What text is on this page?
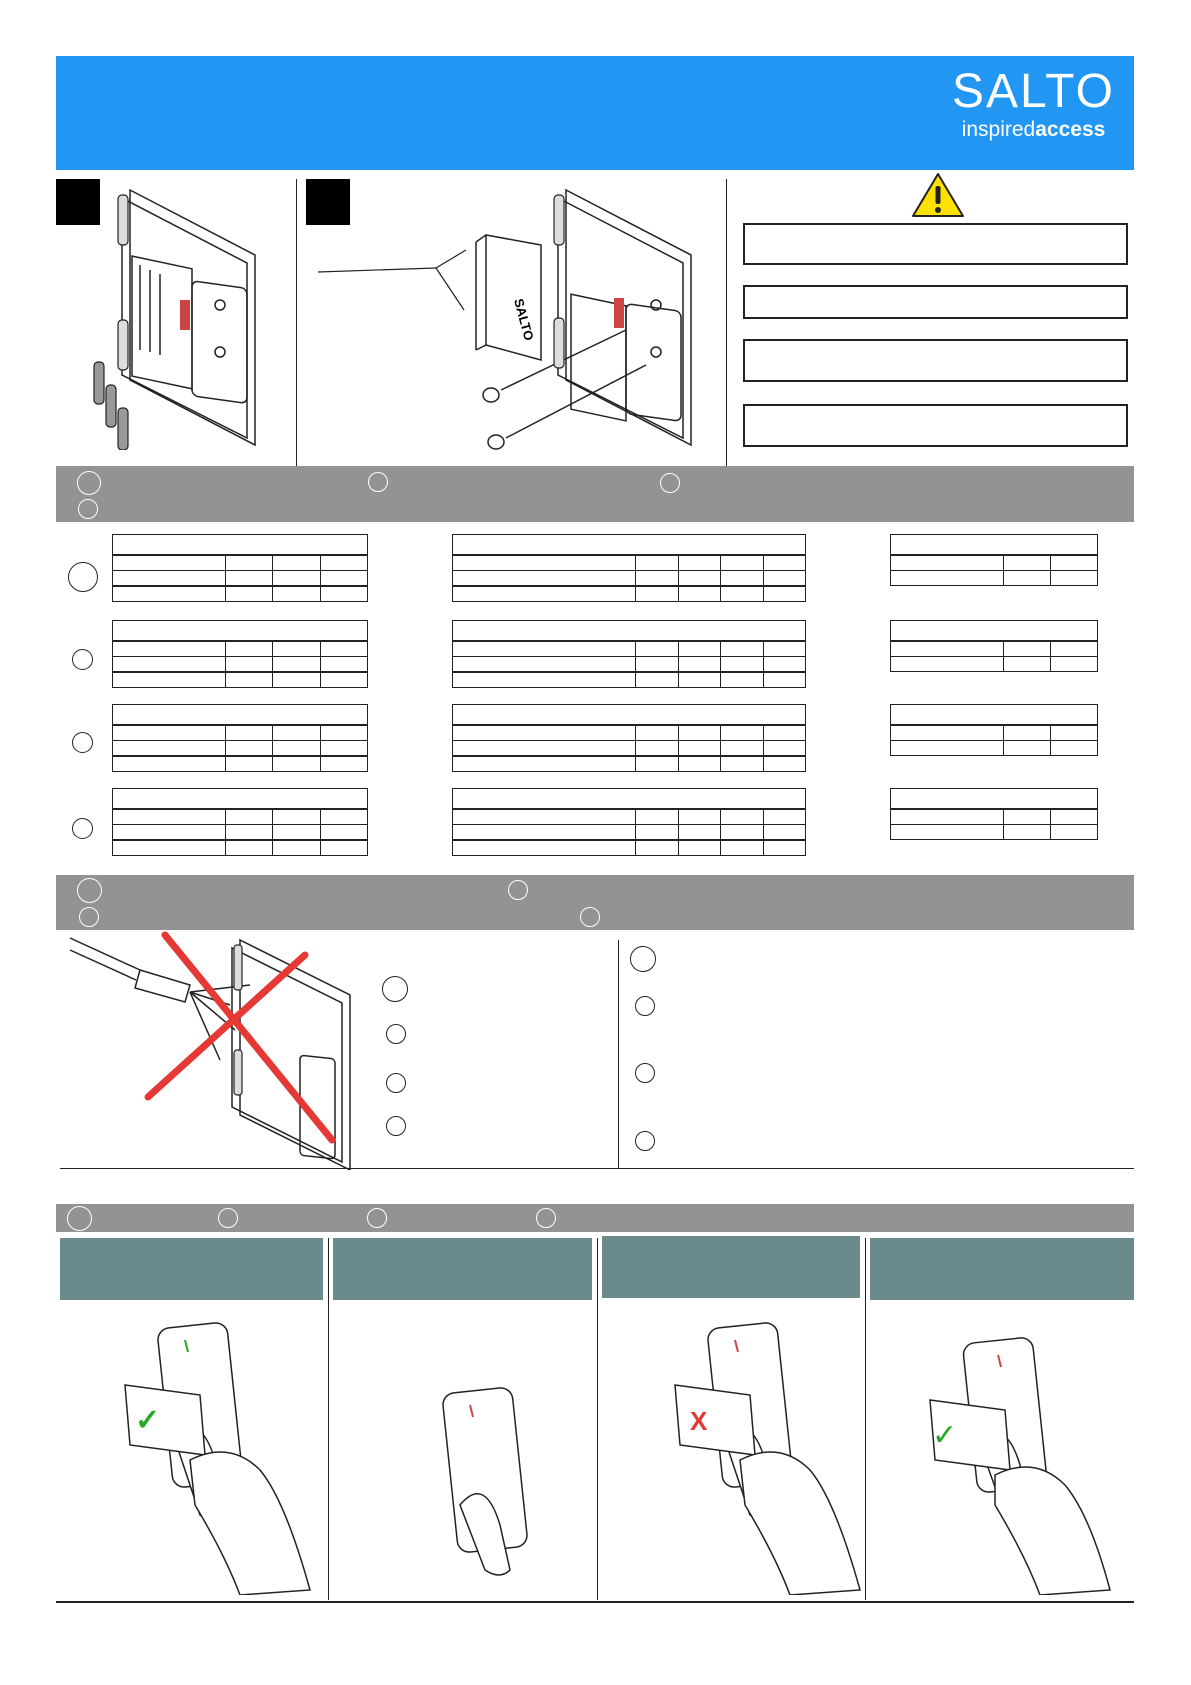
SALTO
inspiredaccess
SALTO

✓	X	✓
